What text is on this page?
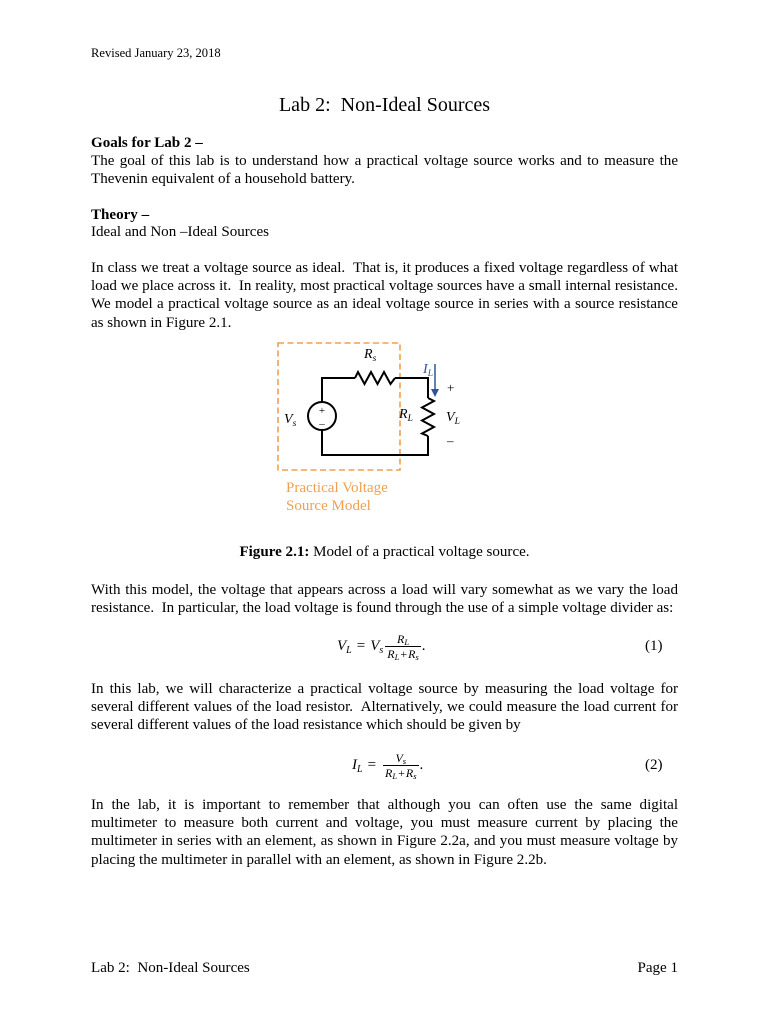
Revised January 23, 2018
Lab 2:  Non-Ideal Sources
Goals for Lab 2 –
The goal of this lab is to understand how a practical voltage source works and to measure the Thevenin equivalent of a household battery.
Theory –
Ideal and Non –Ideal Sources
In class we treat a voltage source as ideal.  That is, it produces a fixed voltage regardless of what load we place across it.  In reality, most practical voltage sources have a small internal resistance.  We model a practical voltage source as an ideal voltage source in series with a source resistance as shown in Figure 2.1.
+
–
$R_s$
$V_s$
$I_L$
$R_L$
+
$V_L$
–
Practical Voltage
Source Model
Figure 2.1: Model of a practical voltage source.
With this model, the voltage that appears across a load will vary somewhat as we vary the load resistance.  In particular, the load voltage is found through the use of a simple voltage divider as:
$V_L = V_s \frac{R_L}{R_L+R_s}$ .	(1)
In this lab, we will characterize a practical voltage source by measuring the load voltage for several different values of the load resistor.  Alternatively, we could measure the load current for several different values of the load resistance which should be given by
$I_L = \frac{V_s}{R_L+R_s}$ .	(2)
In the lab, it is important to remember that although you can often use the same digital multimeter to measure both current and voltage, you must measure current by placing the multimeter in series with an element, as shown in Figure 2.2a, and you must measure voltage by placing the multimeter in parallel with an element, as shown in Figure 2.2b.
Lab 2:  Non-Ideal Sources	Page 1
